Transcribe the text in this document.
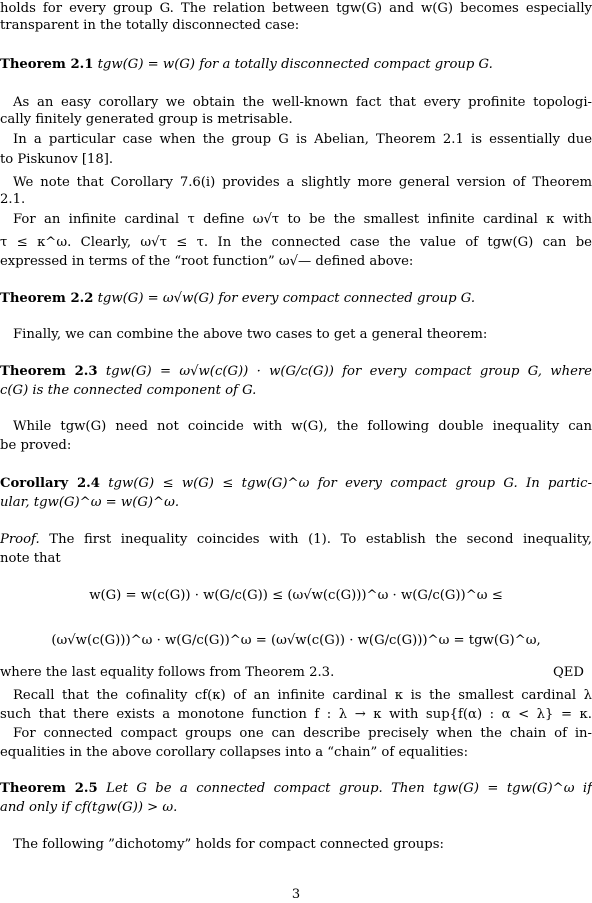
holds for every group G. The relation between tgw(G) and w(G) becomes especially
transparent in the totally disconnected case:
Theorem 2.1 tgw(G) = w(G) for a totally disconnected compact group G.
As an easy corollary we obtain the well-known fact that every profinite topologi-
cally finitely generated group is metrisable.
In a particular case when the group G is Abelian, Theorem 2.1 is essentially due
to Piskunov [18].
We note that Corollary 7.6(i) provides a slightly more general version of Theorem
2.1.
For an infinite cardinal τ define ω√τ to be the smallest infinite cardinal κ with
τ ≤ κ^ω. Clearly, ω√τ ≤ τ. In the connected case the value of tgw(G) can be
expressed in terms of the “root function” ω√— defined above:
Theorem 2.2 tgw(G) = ω√w(G) for every compact connected group G.
Finally, we can combine the above two cases to get a general theorem:
Theorem 2.3 tgw(G) = ω√w(c(G)) · w(G/c(G)) for every compact group G, where
c(G) is the connected component of G.
While tgw(G) need not coincide with w(G), the following double inequality can
be proved:
Corollary 2.4 tgw(G) ≤ w(G) ≤ tgw(G)^ω for every compact group G. In partic-
ular, tgw(G)^ω = w(G)^ω.
Proof. The first inequality coincides with (1). To establish the second inequality,
note that
w(G) = w(c(G)) · w(G/c(G)) ≤ (ω√w(c(G)))^ω · w(G/c(G))^ω ≤
(ω√w(c(G)))^ω · w(G/c(G))^ω = (ω√w(c(G)) · w(G/c(G)))^ω = tgw(G)^ω,
where the last equality follows from Theorem 2.3.	QED
Recall that the cofinality cf(κ) of an infinite cardinal κ is the smallest cardinal λ
such that there exists a monotone function f : λ → κ with sup{f(α) : α < λ} = κ.
For connected compact groups one can describe precisely when the chain of in-
equalities in the above corollary collapses into a “chain” of equalities:
Theorem 2.5 Let G be a connected compact group. Then tgw(G) = tgw(G)^ω if
and only if cf(tgw(G)) > ω.
The following ”dichotomy” holds for compact connected groups:
3
